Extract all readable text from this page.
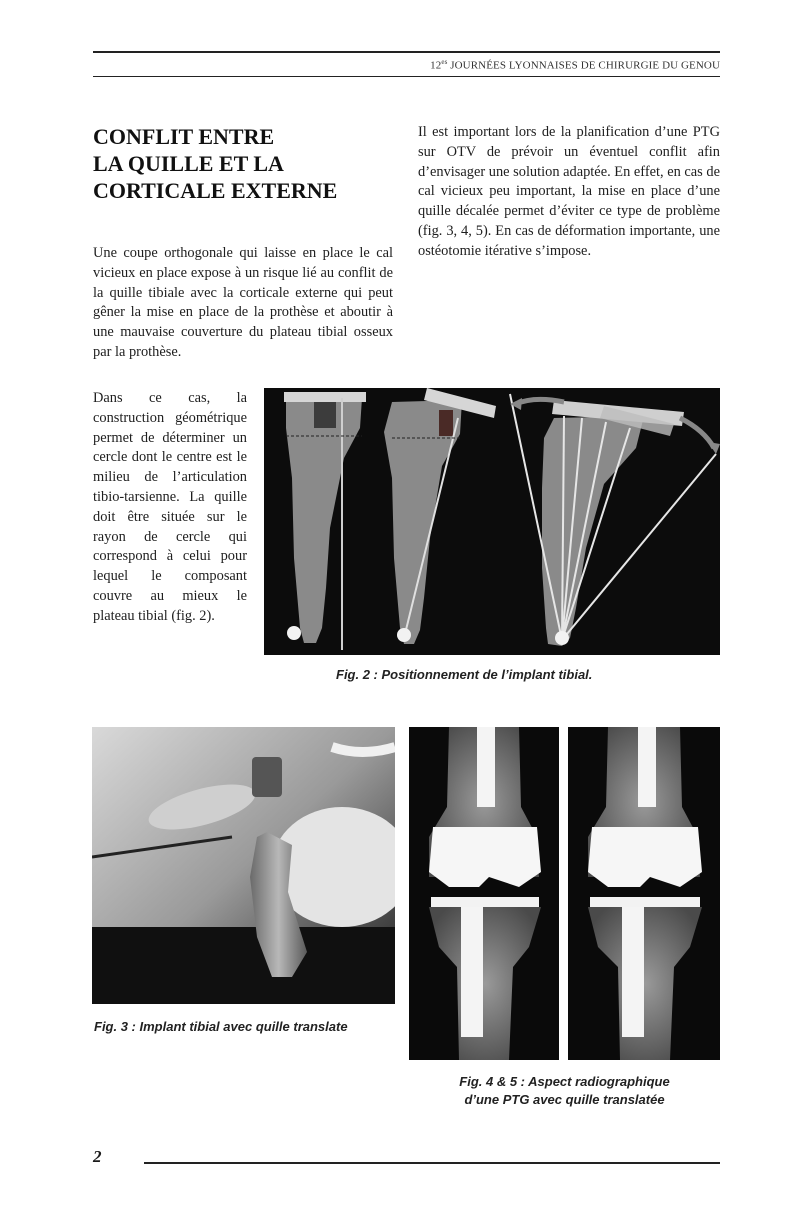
$12^{es}$ JOURNÉES LYONNAISES DE CHIRURGIE DU GENOU
CONFLIT ENTRE
LA QUILLE ET LA
CORTICALE EXTERNE

Une coupe orthogonale qui laisse en place le cal vicieux en place expose à un risque lié au conflit de la quille tibiale avec la corticale externe qui peut gêner la mise en place de la prothèse et aboutir à une mauvaise couverture du plateau tibial osseux par la prothèse.

Il est important lors de la planification d’une PTG sur OTV de prévoir un éventuel conflit afin d’envisager une solution adaptée. En effet, en cas de cal vicieux peu important, la mise en place d’une quille décalée permet d’éviter ce type de problème (fig. 3, 4, 5). En cas de déformation importante, une ostéotomie itérative s’impose.

Dans ce cas, la construction géométrique permet de déterminer un cercle dont le centre est le milieu de l’articulation tibio-tarsienne. La quille doit être située sur le rayon de cercle qui correspond à celui pour lequel le composant couvre au mieux le plateau tibial (fig. 2).

Fig. 2 : Positionnement de l’implant tibial.
Fig. 3 : Implant tibial avec quille translate
Fig. 4 & 5 : Aspect radiographique
d’une PTG avec quille translatée
2
